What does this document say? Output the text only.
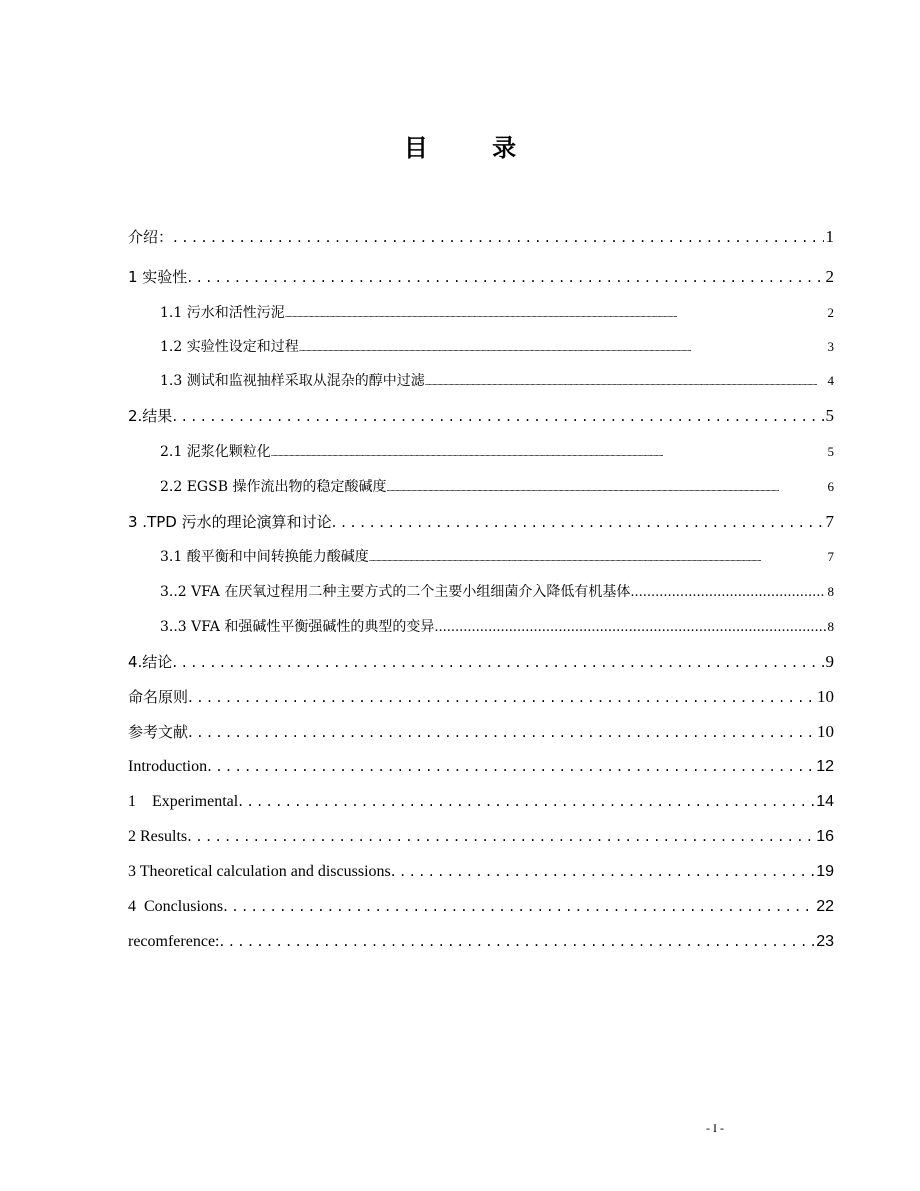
目 录
介绍： . . .	1
1 实验性 . . .	2
1.1 污水和活性污泥 .....	2
1.2 实验性设定和过程 .....	3
1.3 测试和监视抽样采取从混杂的醇中过滤 .....	4
2.结果 . . .	5
2.1 泥浆化颗粒化 .....	5
2.2 EGSB 操作流出物的稳定酸碱度 .....	6
3 .TPD 污水的理论演算和讨论 . . .	7
3.1 酸平衡和中间转换能力酸碱度 .....	7
3..2 VFA 在厌氧过程用二种主要方式的二个主要小组细菌介入降低有机基体 .....	8
3..3 VFA 和强碱性平衡强碱性的典型的变异 .....	8
4.结论 . . .	9
命名原则 . . .	10
参考文献 . . .	10
Introduction . . .	12
1    Experimental . . .	14
2 Results . . .	16
3 Theoretical calculation and discussions . . .	19
4  Conclusions . . .	22
recomference: . . .	23
- I -
